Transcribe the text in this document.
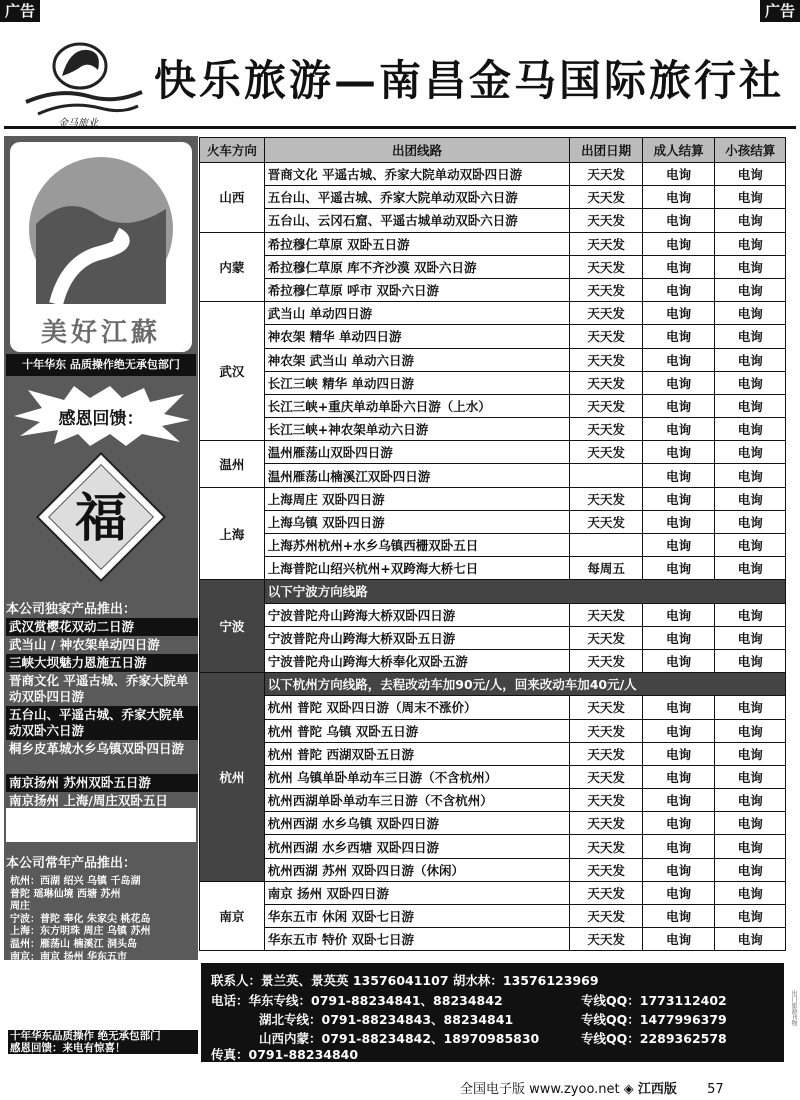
广告	广告
金马旅业
快乐旅游—南昌金马国际旅行社
美好江蘇
十年华东 品质操作绝无承包部门
感恩回馈：
福
本公司独家产品推出：
武汉赏樱花双动二日游
武当山 / 神农架单动四日游
三峡大坝魅力恩施五日游
晋商文化 平遥古城、乔家大院单动双卧四日游
五台山、平遥古城、乔家大院单动双卧六日游
桐乡皮革城水乡乌镇双卧四日游
南京扬州 苏州双卧五日游
南京扬州 上海/周庄双卧五日
本公司常年产品推出：
杭州：西湖 绍兴 乌镇 千岛湖
普陀 瑶琳仙境 西塘 苏州
周庄
宁波：普陀 奉化 朱家尖 桃花岛
上海：东方明珠 周庄 乌镇 苏州
温州：雁荡山 楠溪江 洞头岛
南京：南京 扬州 华东五市
太原：晋商文化 五台山 平遥古城
乔家大院
内蒙：希拉穆仁大草原 神奇响沙湾
成吉思汗陵
湖北：武当山 神农架 长江三峡等
十年华东品质操作 绝无承包部门
感恩回馈：来电有惊喜！
火车方向	出团线路	出团日期	成人结算	小孩结算
山西	晋商文化 平遥古城、乔家大院单动双卧四日游	天天发	电询	电询
	五台山、平遥古城、乔家大院单动双卧六日游	天天发	电询	电询
	五台山、云冈石窟、平遥古城单动双卧六日游	天天发	电询	电询
内蒙	希拉穆仁草原 双卧五日游	天天发	电询	电询
	希拉穆仁草原 库不齐沙漠 双卧六日游	天天发	电询	电询
	希拉穆仁草原 呼市 双卧六日游	天天发	电询	电询
武汉	武当山 单动四日游	天天发	电询	电询
	神农架 精华 单动四日游	天天发	电询	电询
	神农架 武当山 单动六日游	天天发	电询	电询
	长江三峡 精华 单动四日游	天天发	电询	电询
	长江三峡+重庆单动单卧六日游（上水）	天天发	电询	电询
	长江三峡+神农架单动六日游	天天发	电询	电询
温州	温州雁荡山双卧四日游	天天发	电询	电询
	温州雁荡山楠溪江双卧四日游		电询	电询
上海	上海周庄 双卧四日游	天天发	电询	电询
	上海乌镇 双卧四日游	天天发	电询	电询
	上海苏州杭州+水乡乌镇西栅双卧五日		电询	电询
	上海普陀山绍兴杭州+双跨海大桥七日	每周五	电询	电询
宁波	以下宁波方向线路			
	宁波普陀舟山跨海大桥双卧四日游	天天发	电询	电询
	宁波普陀舟山跨海大桥双卧五日游	天天发	电询	电询
	宁波普陀舟山跨海大桥奉化双卧五游	天天发	电询	电询
杭州	以下杭州方向线路，去程改动车加90元/人，回来改动车加40元/人			
	杭州 普陀 双卧四日游（周末不涨价）	天天发	电询	电询
	杭州 普陀 乌镇 双卧五日游	天天发	电询	电询
	杭州 普陀 西湖双卧五日游	天天发	电询	电询
	杭州 乌镇单卧单动车三日游（不含杭州）	天天发	电询	电询
	杭州西湖单卧单动车三日游（不含杭州）	天天发	电询	电询
	杭州西湖 水乡乌镇 双卧四日游	天天发	电询	电询
	杭州西湖 水乡西塘 双卧四日游	天天发	电询	电询
	杭州西湖 苏州 双卧四日游（休闲）	天天发	电询	电询
南京	南京 扬州 双卧四日游	天天发	电询	电询
	华东五市 休闲 双卧七日游	天天发	电询	电询
	华东五市 特价 双卧七日游	天天发	电询	电询
联系人：景兰英、景英英 13576041107 胡水林：13576123969
电话：华东专线：0791-88234841、88234842	专线QQ：1773112402
湖北专线：0791-88234843、88234841	专线QQ：1477996379
山西内蒙：0791-88234842、18970985830	专线QQ：2289362578
传真：0791-88234840
全国电子版 www.zyoo.net ◈ 江西版 57
出门旅游刊物
